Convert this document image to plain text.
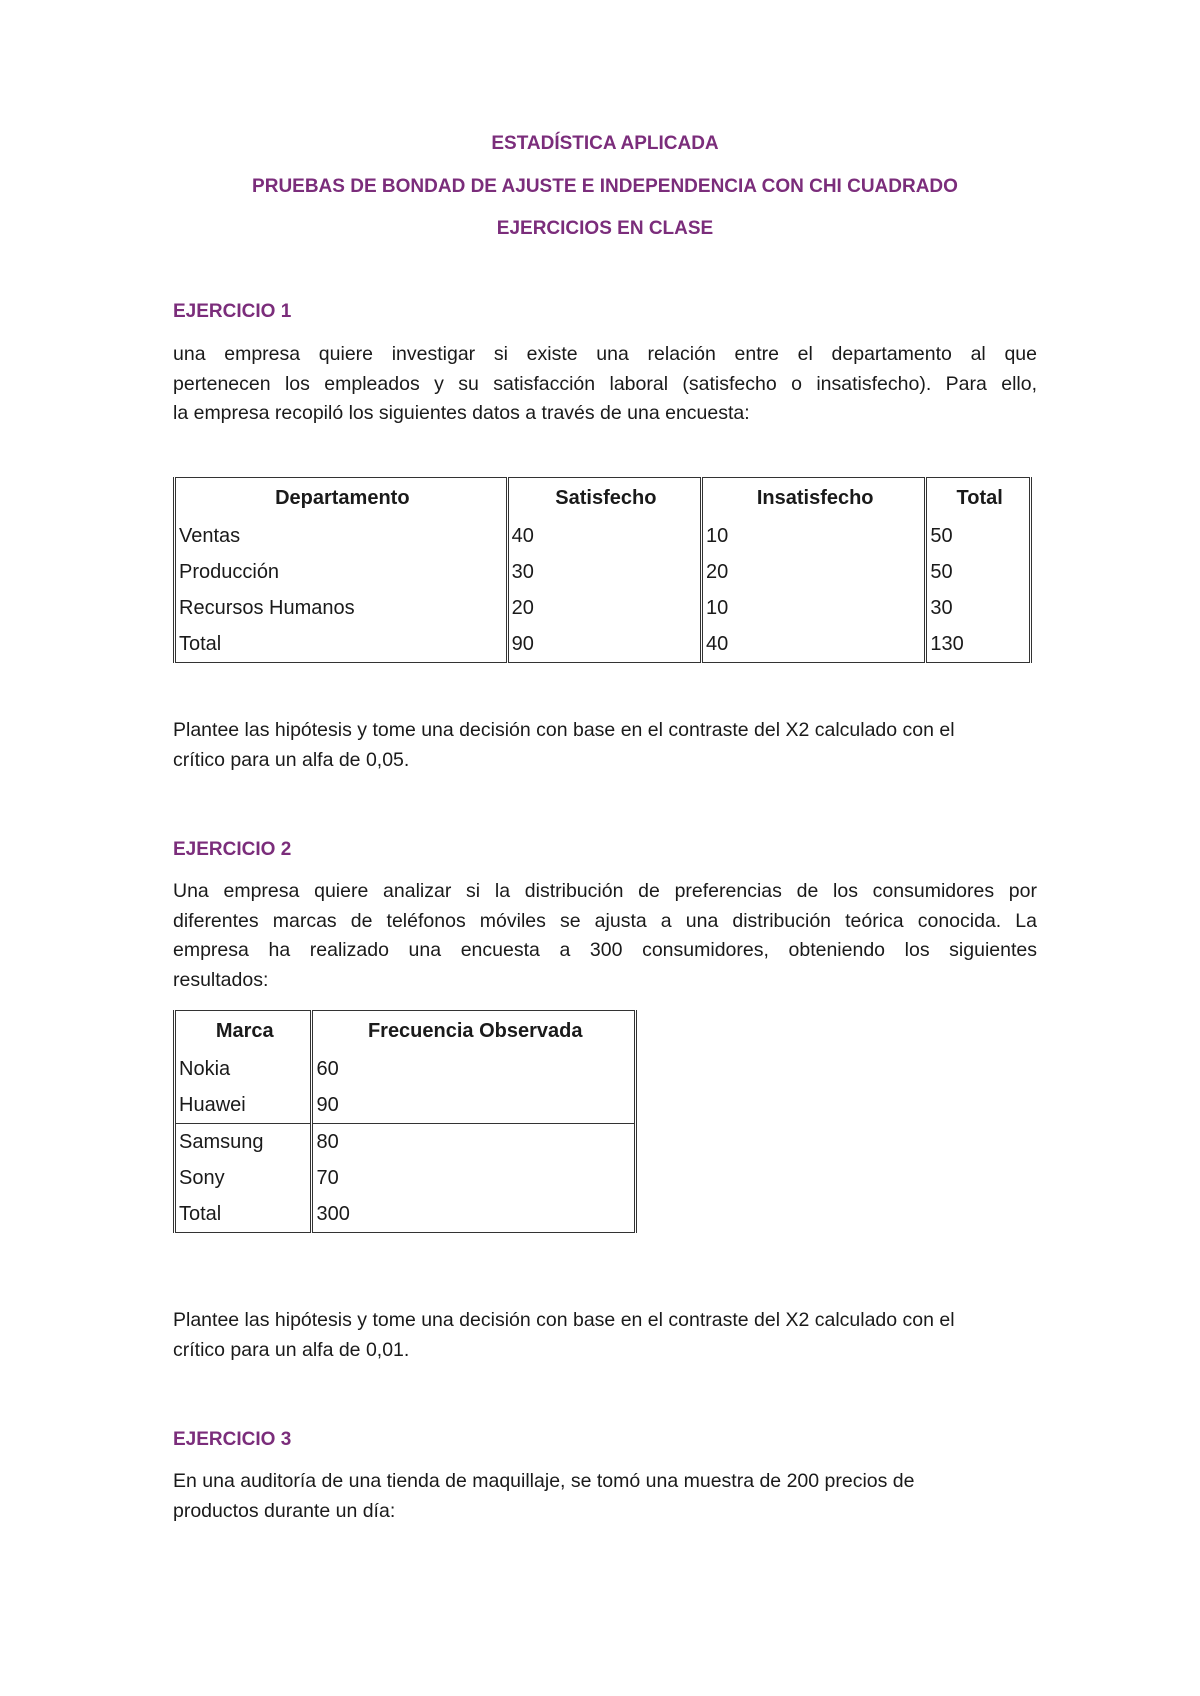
ESTADÍSTICA APLICADA

PRUEBAS DE BONDAD DE AJUSTE E INDEPENDENCIA CON CHI CUADRADO

EJERCICIOS EN CLASE

EJERCICIO 1

una empresa quiere investigar si existe una relación entre el departamento al que
pertenecen los empleados y su satisfacción laboral (satisfecho o insatisfecho). Para ello,
la empresa recopiló los siguientes datos a través de una encuesta:
Departamento	Satisfecho	Insatisfecho	Total
Ventas	40	10	50
Producción	30	20	50
Recursos Humanos	20	10	30
Total	90	40	130
Plantee las hipótesis y tome una decisión con base en el contraste del X2 calculado con el
crítico para un alfa de 0,05.

EJERCICIO 2

Una empresa quiere analizar si la distribución de preferencias de los consumidores por
diferentes marcas de teléfonos móviles se ajusta a una distribución teórica conocida. La
empresa ha realizado una encuesta a 300 consumidores, obteniendo los siguientes
resultados:
Marca	Frecuencia Observada
Nokia	60
Huawei	90
Samsung	80
Sony	70
Total	300
Plantee las hipótesis y tome una decisión con base en el contraste del X2 calculado con el
crítico para un alfa de 0,01.

EJERCICIO 3

En una auditoría de una tienda de maquillaje, se tomó una muestra de 200 precios de
productos durante un día:
